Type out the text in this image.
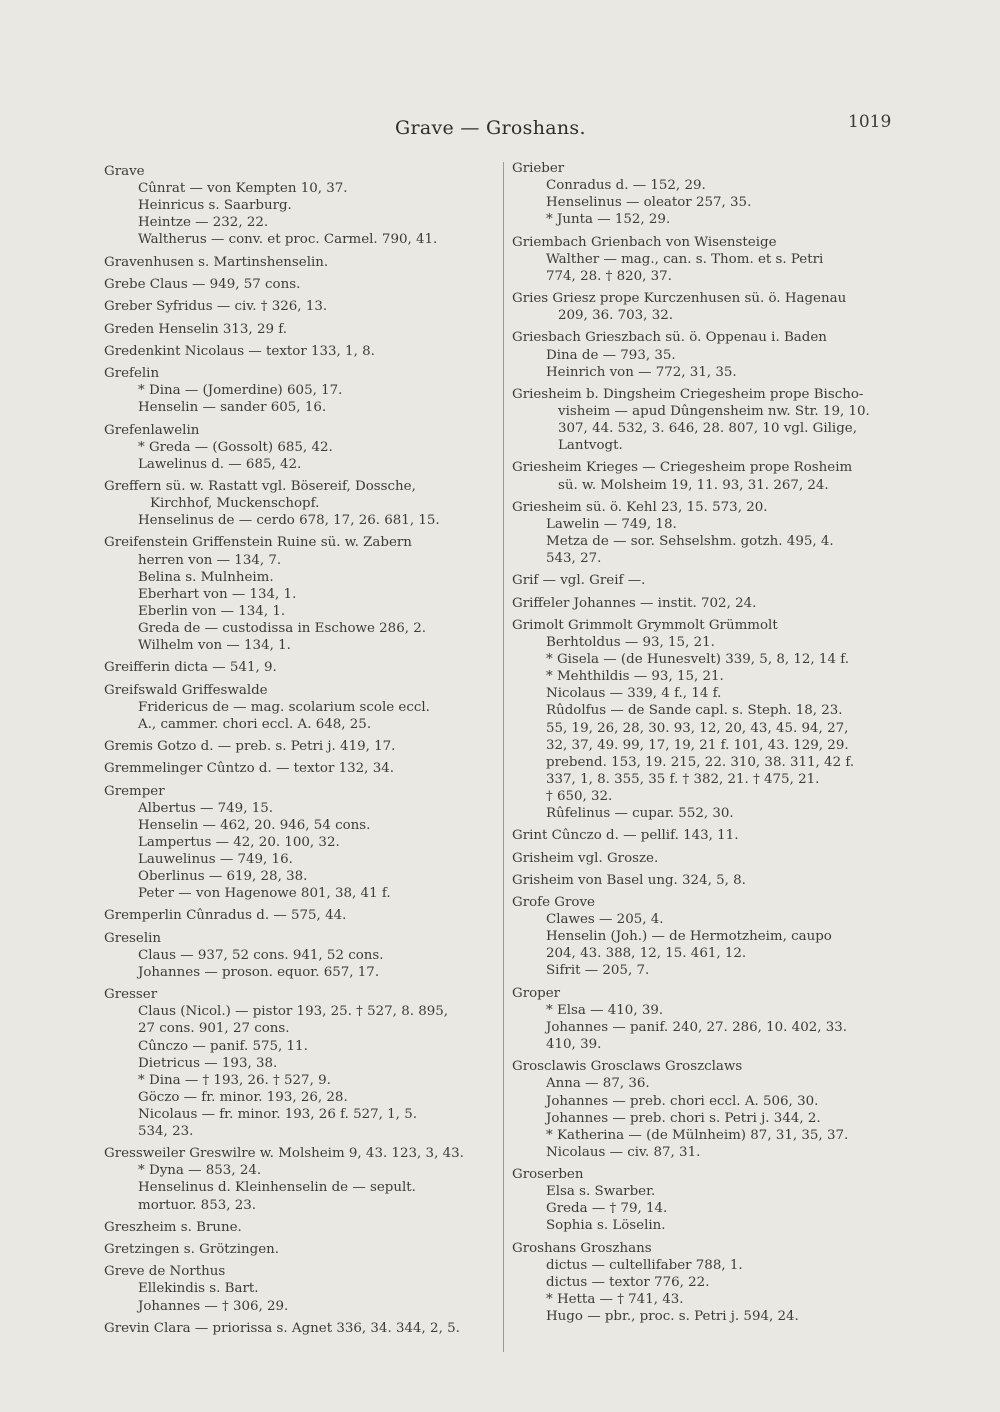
Grave — Groshans.	1019
Grave
Cûnrat — von Kempten 10, 37.
Heinricus s. Saarburg.
Heintze — 232, 22.
Waltherus — conv. et proc. Carmel. 790, 41.
Gravenhusen s. Martinshenselin.
Grebe Claus — 949, 57 cons.
Greber Syfridus — civ. † 326, 13.
Greden Henselin 313, 29 f.
Gredenkint Nicolaus — textor 133, 1, 8.
Grefelin
* Dina — (Jomerdine) 605, 17.
Henselin — sander 605, 16.
Grefenlawelin
* Greda — (Gossolt) 685, 42.
Lawelinus d. — 685, 42.
Greffern sü. w. Rastatt vgl. Bösereif, Dossche,
Kirchhof, Muckenschopf.
Henselinus de — cerdo 678, 17, 26. 681, 15.
Greifenstein Griffenstein Ruine sü. w. Zabern
herren von — 134, 7.
Belina s. Mulnheim.
Eberhart von — 134, 1.
Eberlin von — 134, 1.
Greda de — custodissa in Eschowe 286, 2.
Wilhelm von — 134, 1.
Greifferin dicta — 541, 9.
Greifswald Griffeswalde
Fridericus de — mag. scolarium scole eccl.
A., cammer. chori eccl. A. 648, 25.
Gremis Gotzo d. — preb. s. Petri j. 419, 17.
Gremmelinger Cûntzo d. — textor 132, 34.
Gremper
Albertus — 749, 15.
Henselin — 462, 20. 946, 54 cons.
Lampertus — 42, 20. 100, 32.
Lauwelinus — 749, 16.
Oberlinus — 619, 28, 38.
Peter — von Hagenowe 801, 38, 41 f.
Gremperlin Cûnradus d. — 575, 44.
Greselin
Claus — 937, 52 cons. 941, 52 cons.
Johannes — proson. equor. 657, 17.
Gresser
Claus (Nicol.) — pistor 193, 25. † 527, 8. 895,
27 cons. 901, 27 cons.
Cûnczo — panif. 575, 11.
Dietricus — 193, 38.
* Dina — † 193, 26. † 527, 9.
Göczo — fr. minor. 193, 26, 28.
Nicolaus — fr. minor. 193, 26 f. 527, 1, 5.
534, 23.
Gressweiler Greswilre w. Molsheim 9, 43. 123, 3, 43.
* Dyna — 853, 24.
Henselinus d. Kleinhenselin de — sepult.
mortuor. 853, 23.
Greszheim s. Brune.
Gretzingen s. Grötzingen.
Greve de Northus
Ellekindis s. Bart.
Johannes — † 306, 29.
Grevin Clara — priorissa s. Agnet 336, 34. 344, 2, 5.
Grieber
Conradus d. — 152, 29.
Henselinus — oleator 257, 35.
* Junta — 152, 29.
Griembach Grienbach von Wisensteige
Walther — mag., can. s. Thom. et s. Petri
774, 28. † 820, 37.
Gries Griesz prope Kurczenhusen sü. ö. Hagenau
209, 36. 703, 32.
Griesbach Grieszbach sü. ö. Oppenau i. Baden
Dina de — 793, 35.
Heinrich von — 772, 31, 35.
Griesheim b. Dingsheim Criegesheim prope Bischo-
visheim — apud Dûngensheim nw. Str. 19, 10.
307, 44. 532, 3. 646, 28. 807, 10 vgl. Gilige,
Lantvogt.
Griesheim Krieges — Criegesheim prope Rosheim
sü. w. Molsheim 19, 11. 93, 31. 267, 24.
Griesheim sü. ö. Kehl 23, 15. 573, 20.
Lawelin — 749, 18.
Metza de — sor. Sehselshm. gotzh. 495, 4.
543, 27.
Grif — vgl. Greif —.
Griffeler Johannes — instit. 702, 24.
Grimolt Grimmolt Grymmolt Grümmolt
Berhtoldus — 93, 15, 21.
* Gisela — (de Hunesvelt) 339, 5, 8, 12, 14 f.
* Mehthildis — 93, 15, 21.
Nicolaus — 339, 4 f., 14 f.
Rûdolfus — de Sande capl. s. Steph. 18, 23.
55, 19, 26, 28, 30. 93, 12, 20, 43, 45. 94, 27,
32, 37, 49. 99, 17, 19, 21 f. 101, 43. 129, 29.
prebend. 153, 19. 215, 22. 310, 38. 311, 42 f.
337, 1, 8. 355, 35 f. † 382, 21. † 475, 21.
† 650, 32.
Rûfelinus — cupar. 552, 30.
Grint Cûnczo d. — pellif. 143, 11.
Grisheim vgl. Grosze.
Grisheim von Basel ung. 324, 5, 8.
Grofe Grove
Clawes — 205, 4.
Henselin (Joh.) — de Hermotzheim, caupo
204, 43. 388, 12, 15. 461, 12.
Sifrit — 205, 7.
Groper
* Elsa — 410, 39.
Johannes — panif. 240, 27. 286, 10. 402, 33.
410, 39.
Grosclawis Grosclaws Groszclaws
Anna — 87, 36.
Johannes — preb. chori eccl. A. 506, 30.
Johannes — preb. chori s. Petri j. 344, 2.
* Katherina — (de Mülnheim) 87, 31, 35, 37.
Nicolaus — civ. 87, 31.
Groserben
Elsa s. Swarber.
Greda — † 79, 14.
Sophia s. Löselin.
Groshans Groszhans
dictus — cultellifaber 788, 1.
dictus — textor 776, 22.
* Hetta — † 741, 43.
Hugo — pbr., proc. s. Petri j. 594, 24.
